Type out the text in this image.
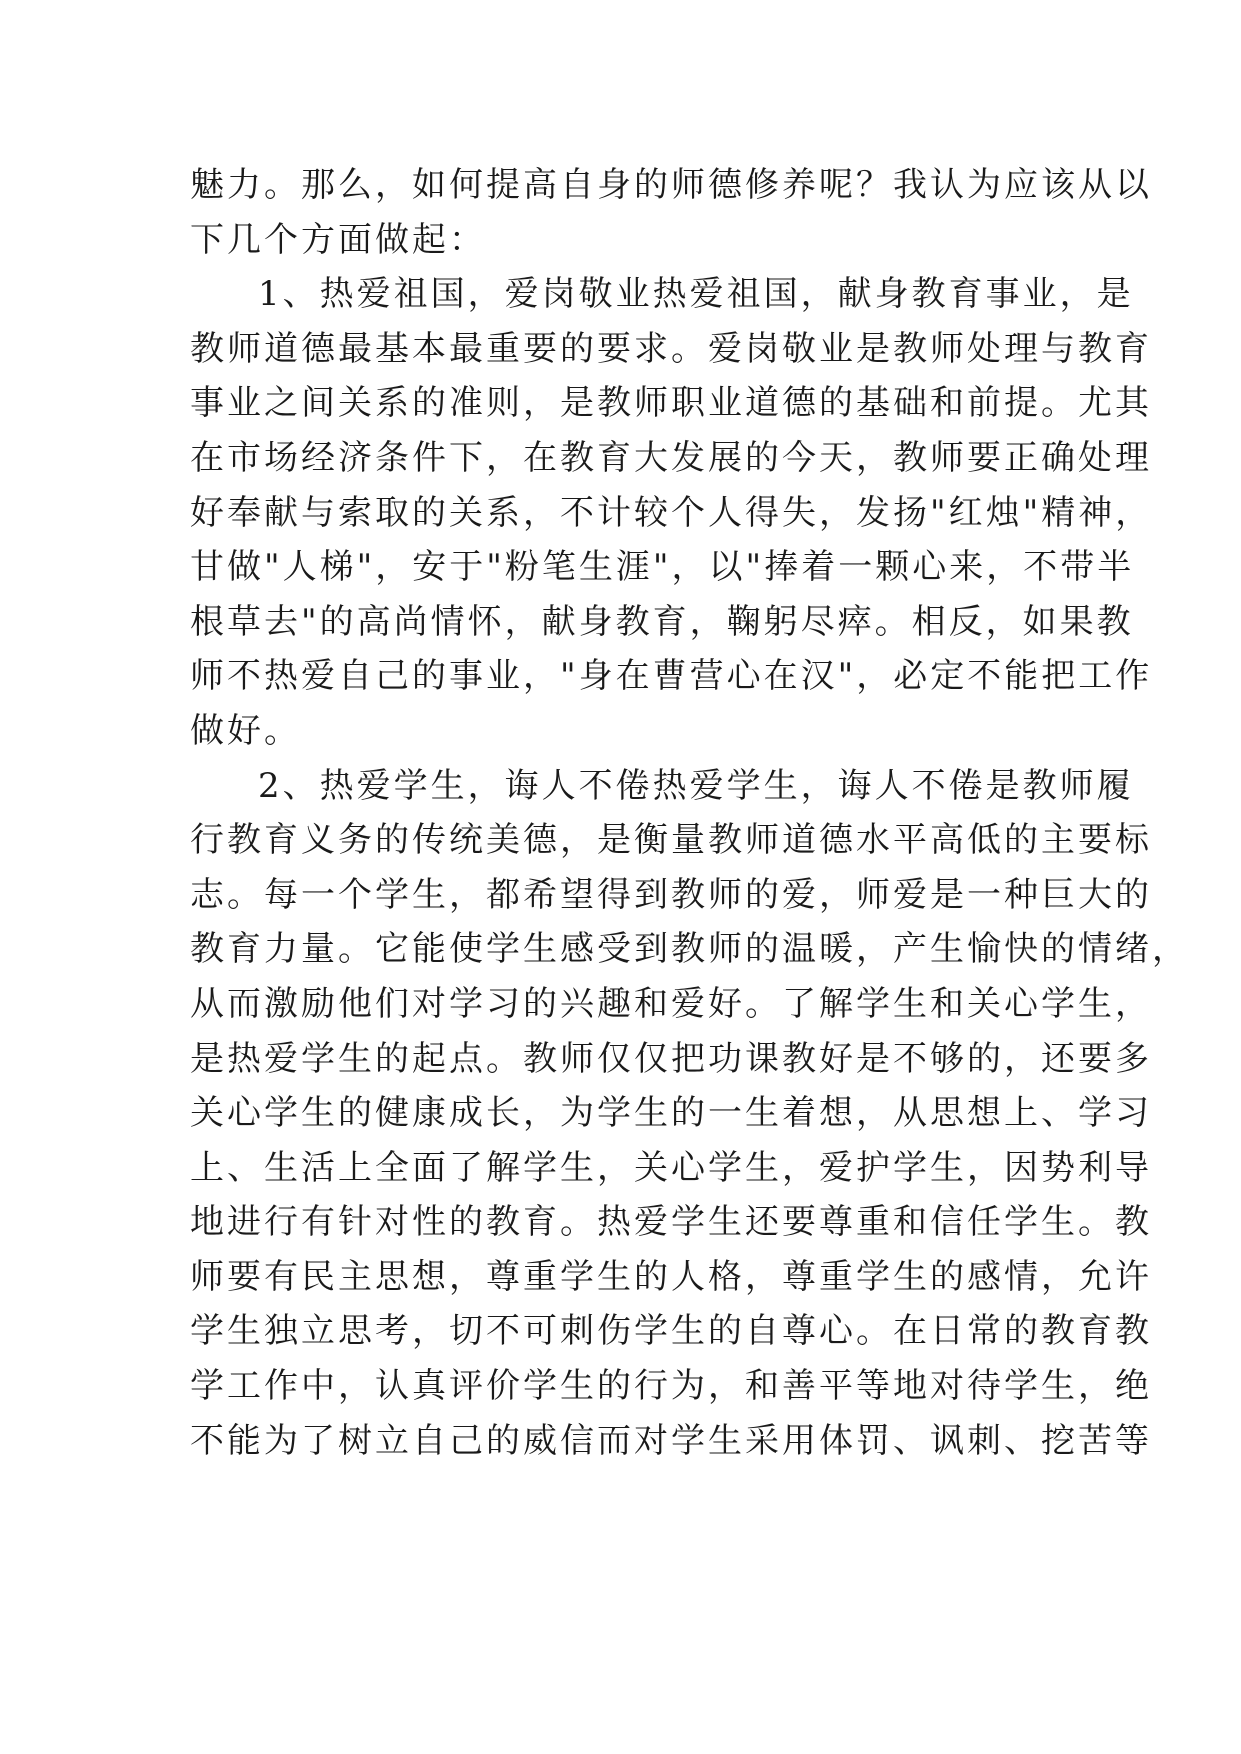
魅力。那么，如何提高自身的师德修养呢？我认为应该从以
下几个方面做起：
1、热爱祖国，爱岗敬业热爱祖国，献身教育事业，是
教师道德最基本最重要的要求。爱岗敬业是教师处理与教育
事业之间关系的准则，是教师职业道德的基础和前提。尤其
在市场经济条件下，在教育大发展的今天，教师要正确处理
好奉献与索取的关系，不计较个人得失，发扬"红烛"精神，
甘做"人梯"，安于"粉笔生涯"，以"捧着一颗心来，不带半
根草去"的高尚情怀，献身教育，鞠躬尽瘁。相反，如果教
师不热爱自己的事业，"身在曹营心在汉"，必定不能把工作
做好。
2、热爱学生，诲人不倦热爱学生，诲人不倦是教师履
行教育义务的传统美德，是衡量教师道德水平高低的主要标
志。每一个学生，都希望得到教师的爱，师爱是一种巨大的
教育力量。它能使学生感受到教师的温暖，产生愉快的情绪，
从而激励他们对学习的兴趣和爱好。了解学生和关心学生，
是热爱学生的起点。教师仅仅把功课教好是不够的，还要多
关心学生的健康成长，为学生的一生着想，从思想上、学习
上、生活上全面了解学生，关心学生，爱护学生，因势利导
地进行有针对性的教育。热爱学生还要尊重和信任学生。教
师要有民主思想，尊重学生的人格，尊重学生的感情，允许
学生独立思考，切不可刺伤学生的自尊心。在日常的教育教
学工作中，认真评价学生的行为，和善平等地对待学生，绝
不能为了树立自己的威信而对学生采用体罚、讽刺、挖苦等
